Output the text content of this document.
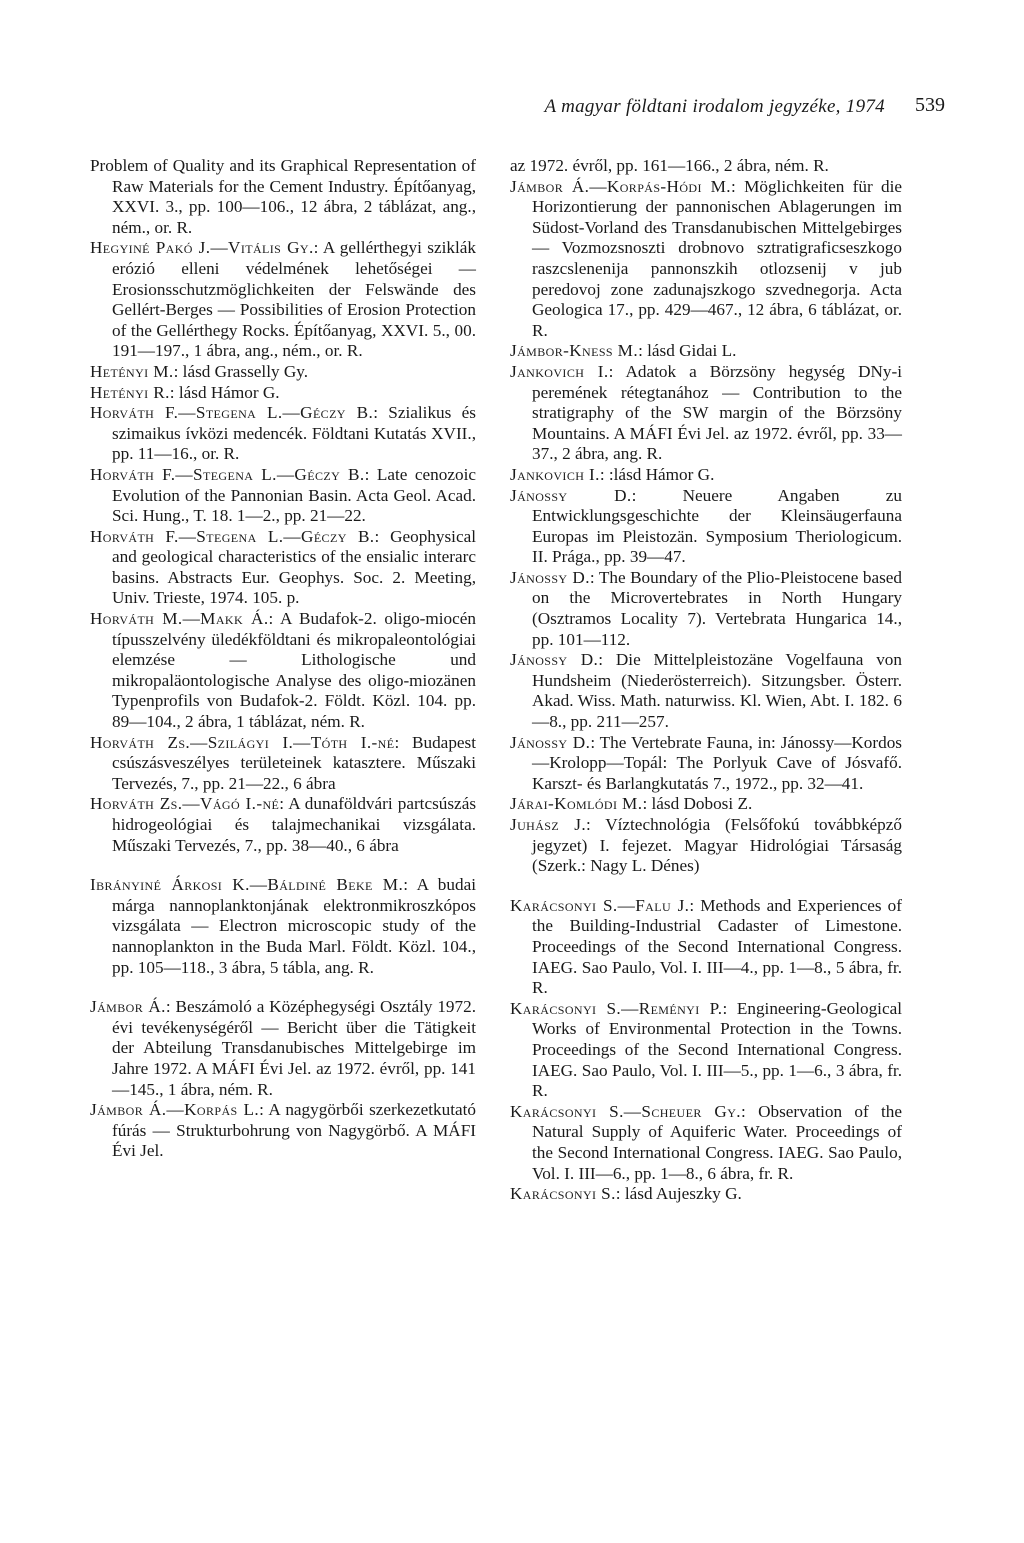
A magyar földtani irodalom jegyzéke, 1974 539

Problem of Quality and its Graphical Representation of Raw Materials for the Cement Industry. Építőanyag, XXVI. 3., pp. 100—106., 12 ábra, 2 táblázat, ang., ném., or. R.

Hegyiné Pakó J.—Vitális Gy.: A gellérthegyi sziklák erózió elleni védelmének lehetőségei — Erosionsschutzmöglichkeiten der Felswände des Gellért-Berges — Possibilities of Erosion Protection of the Gellérthegy Rocks. Építőanyag, XXVI. 5., 00. 191—197., 1 ábra, ang., ném., or. R.

Hetényi M.: lásd Grasselly Gy.

Hetényi R.: lásd Hámor G.

Horváth F.—Stegena L.—Géczy B.: Szialikus és szimaikus ívközi medencék. Földtani Kutatás XVII., pp. 11—16., or. R.

Horváth F.—Stegena L.—Géczy B.: Late cenozoic Evolution of the Pannonian Basin. Acta Geol. Acad. Sci. Hung., T. 18. 1—2., pp. 21—22.

Horváth F.—Stegena L.—Géczy B.: Geophysical and geological characteristics of the ensialic interarc basins. Abstracts Eur. Geophys. Soc. 2. Meeting, Univ. Trieste, 1974. 105. p.

Horváth M.—Makk Á.: A Budafok-2. oligo-miocén típusszelvény üledékföldtani és mikropaleontológiai elemzése — Lithologische und mikropaläontologische Analyse des oligo-miozänen Typenprofils von Budafok-2. Földt. Közl. 104. pp. 89—104., 2 ábra, 1 táblázat, ném. R.

Horváth Zs.—Szilágyi I.—Tóth I.-né: Budapest csúszásveszélyes területeinek katasztere. Műszaki Tervezés, 7., pp. 21—22., 6 ábra

Horváth Zs.—Vágó I.-né: A dunaföldvári partcsúszás hidrogeológiai és talajmechanikai vizsgálata. Műszaki Tervezés, 7., pp. 38—40., 6 ábra

Ibrányiné Árkosi K.—Báldiné Beke M.: A budai márga nannoplanktonjának elektronmikroszkópos vizsgálata — Electron microscopic study of the nannoplankton in the Buda Marl. Földt. Közl. 104., pp. 105—118., 3 ábra, 5 tábla, ang. R.

Jámbor Á.: Beszámoló a Középhegységi Osztály 1972. évi tevékenységéről — Bericht über die Tätigkeit der Abteilung Transdanubisches Mittelgebirge im Jahre 1972. A MÁFI Évi Jel. az 1972. évről, pp. 141—145., 1 ábra, ném. R.

Jámbor Á.—Korpás L.: A nagygörbői szerkezetkutató fúrás — Strukturbohrung von Nagygörbő. A MÁFI Évi Jel.

az 1972. évről, pp. 161—166., 2 ábra, ném. R.

Jámbor Á.—Korpás-Hódi M.: Möglichkeiten für die Horizontierung der pannonischen Ablagerungen im Südost-Vorland des Transdanubischen Mittelgebirges — Vozmozsnoszti drobnovo sztratigraficseszkogo raszcslenenija pannonszkih otlozsenij v jub peredovoj zone zadunajszkogo szvednegorja. Acta Geologica 17., pp. 429—467., 12 ábra, 6 táblázat, or. R.

Jámbor-Kness M.: lásd Gidai L.

Jankovich I.: Adatok a Börzsöny hegység DNy-i peremének rétegtanához — Contribution to the stratigraphy of the SW margin of the Börzsöny Mountains. A MÁFI Évi Jel. az 1972. évről, pp. 33—37., 2 ábra, ang. R.

Jankovich I.: :lásd Hámor G.

Jánossy D.: Neuere Angaben zu Entwicklungsgeschichte der Kleinsäugerfauna Europas im Pleistozän. Symposium Theriologicum. II. Prága., pp. 39—47.

Jánossy D.: The Boundary of the Plio-Pleistocene based on the Microvertebrates in North Hungary (Osztramos Locality 7). Vertebrata Hungarica 14., pp. 101—112.

Jánossy D.: Die Mittelpleistozäne Vogelfauna von Hundsheim (Niederösterreich). Sitzungsber. Österr. Akad. Wiss. Math. naturwiss. Kl. Wien, Abt. I. 182. 6—8., pp. 211—257.

Jánossy D.: The Vertebrate Fauna, in: Jánossy—Kordos—Krolopp—Topál: The Porlyuk Cave of Jósvafő. Karszt- és Barlangkutatás 7., 1972., pp. 32—41.

Járai-Komlódi M.: lásd Dobosi Z.

Juhász J.: Víztechnológia (Felsőfokú továbbképző jegyzet) I. fejezet. Magyar Hidrológiai Társaság (Szerk.: Nagy L. Dénes)

Karácsonyi S.—Falu J.: Methods and Experiences of the Building-Industrial Cadaster of Limestone. Proceedings of the Second International Congress. IAEG. Sao Paulo, Vol. I. III—4., pp. 1—8., 5 ábra, fr. R.

Karácsonyi S.—Reményi P.: Engineering-Geological Works of Environmental Protection in the Towns. Proceedings of the Second International Congress. IAEG. Sao Paulo, Vol. I. III—5., pp. 1—6., 3 ábra, fr. R.

Karácsonyi S.—Scheuer Gy.: Observation of the Natural Supply of Aquiferic Water. Proceedings of the Second International Congress. IAEG. Sao Paulo, Vol. I. III—6., pp. 1—8., 6 ábra, fr. R.

Karácsonyi S.: lásd Aujeszky G.
